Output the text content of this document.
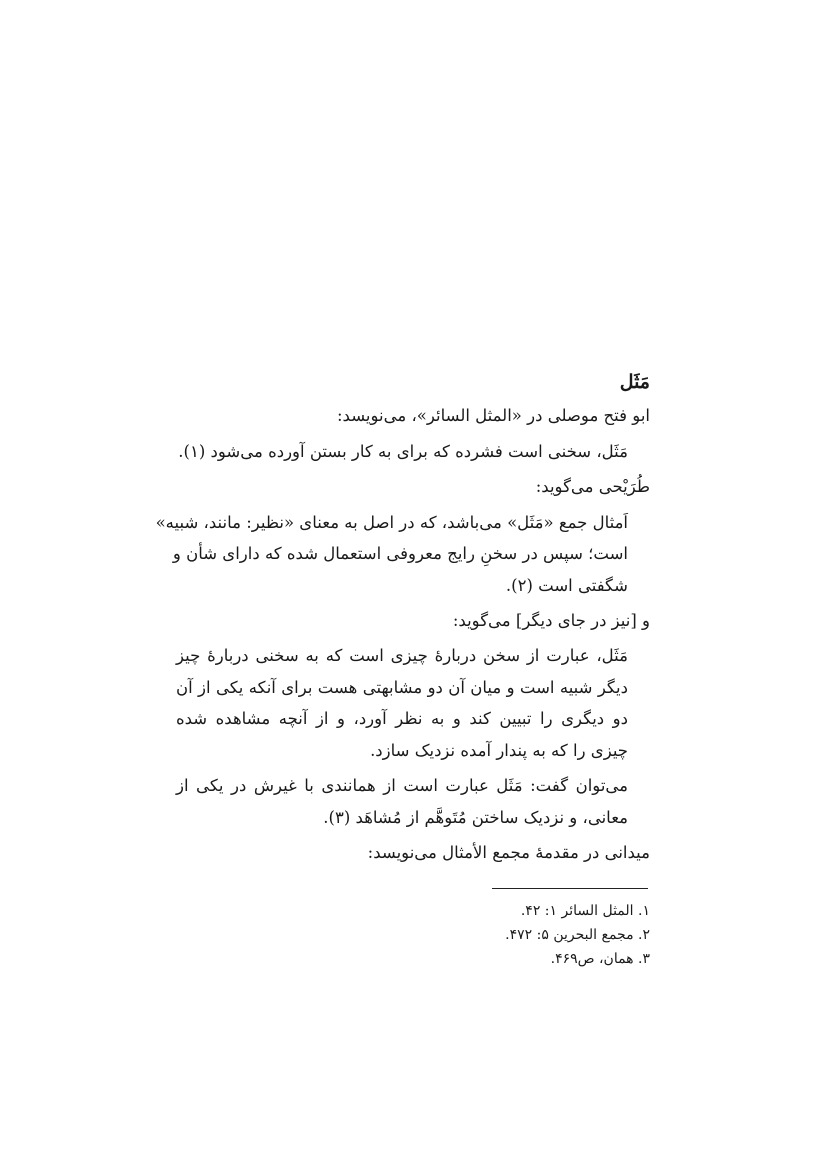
مَثَل
ابو فتح موصلی در «المثل السائر»، می‌نویسد:
مَثَل، سخنی است فشرده که برای به کار بستن آورده می‌شود (۱).
طُرَیْحی می‌گوید:
اَمثال جمع «مَثَل» می‌باشد، که در اصل به معنای «نظیر: مانند، شبیه»
است؛ سپس در سخنِ رایج معروفی استعمال شده که دارای شأن و
شگفتی است (۲).
و [نیز در جای دیگر] می‌گوید:
مَثَل، عبارت از سخن دربارهٔ چیزی است که به سخنی دربارهٔ چیز
دیگر شبیه است و میان آن دو مشابهتی هست برای آنکه یکی از آن
دو دیگری را تبیین کند و به نظر آورد، و از آنچه مشاهده شده
چیزی را که به پندار آمده نزدیک سازد.
می‌توان گفت: مَثَل عبارت است از همانندی با غیرش در یکی از
معانی، و نزدیک ساختن مُتَوهَّم از مُشاهَد (۳).
میدانی در مقدمهٔ مجمع الأمثال می‌نویسد:
۱. المثل السائر ۱: ۴۲.
۲. مجمع البحرین ۵: ۴۷۲.
۳. همان، ص۴۶۹.
